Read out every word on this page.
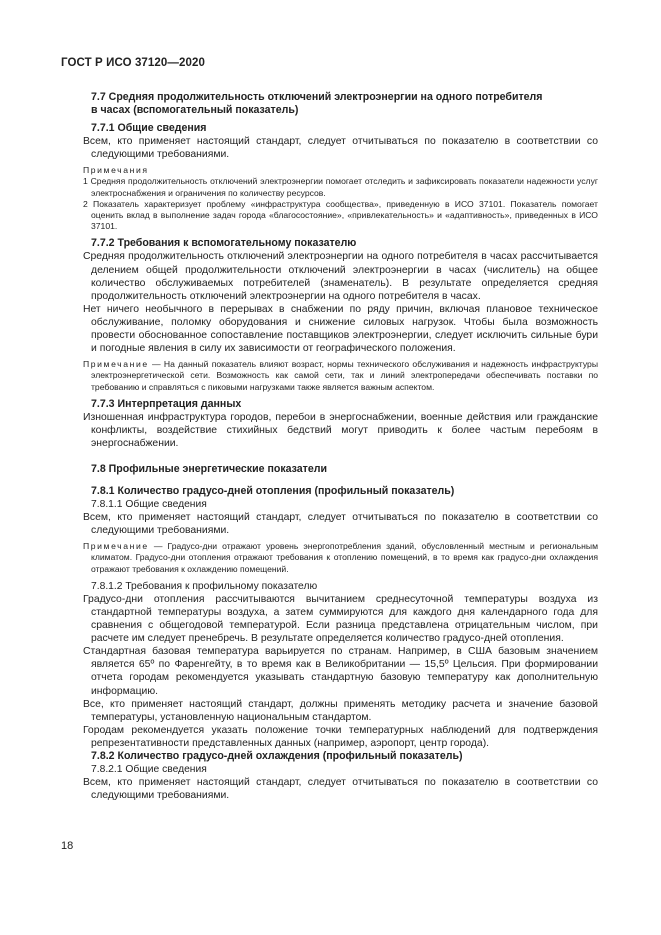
ГОСТ Р ИСО 37120—2020

7.7 Средняя продолжительность отключений электроэнергии на одного потребителя

в часах (вспомогательный показатель)

7.7.1 Общие сведения

Всем, кто применяет настоящий стандарт, следует отчитываться по показателю в соответствии со следующими требованиями.

Примечания

1 Средняя продолжительность отключений электроэнергии помогает отследить и зафиксировать показатели надежности услуг электроснабжения и ограничения по количеству ресурсов.

2 Показатель характеризует проблему «инфраструктура сообщества», приведенную в ИСО 37101. Показатель помогает оценить вклад в выполнение задач города «благосостояние», «привлекательность» и «адаптивность», приведенных в ИСО 37101.

7.7.2 Требования к вспомогательному показателю

Средняя продолжительность отключений электроэнергии на одного потребителя в часах рассчитывается делением общей продолжительности отключений электроэнергии в часах (числитель) на общее количество обслуживаемых потребителей (знаменатель). В результате определяется средняя продолжительность отключений электроэнергии на одного потребителя в часах.

Нет ничего необычного в перерывах в снабжении по ряду причин, включая плановое техническое обслуживание, поломку оборудования и снижение силовых нагрузок. Чтобы была возможность провести обоснованное сопоставление поставщиков электроэнергии, следует исключить сильные бури и погодные явления в силу их зависимости от географического положения.

Примечание — На данный показатель влияют возраст, нормы технического обслуживания и надежность инфраструктуры электроэнергетической сети. Возможность как самой сети, так и линий электропередачи обеспечивать поставки по требованию и справляться с пиковыми нагрузками также является важным аспектом.

7.7.3 Интерпретация данных

Изношенная инфраструктура городов, перебои в энергоснабжении, военные действия или гражданские конфликты, воздействие стихийных бедствий могут приводить к более частым перебоям в энергоснабжении.

7.8 Профильные энергетические показатели

7.8.1 Количество градусо-дней отопления (профильный показатель)

7.8.1.1 Общие сведения

Всем, кто применяет настоящий стандарт, следует отчитываться по показателю в соответствии со следующими требованиями.

Примечание — Градусо-дни отражают уровень энергопотребления зданий, обусловленный местным и региональным климатом. Градусо-дни отопления отражают требования к отоплению помещений, в то время как градусо-дни охлаждения отражают требования к охлаждению помещений.

7.8.1.2 Требования к профильному показателю

Градусо-дни отопления рассчитываются вычитанием среднесуточной температуры воздуха из стандартной температуры воздуха, а затем суммируются для каждого дня календарного года для сравнения с общегодовой температурой. Если разница представлена отрицательным числом, при расчете им следует пренебречь. В результате определяется количество градусо-дней отопления.

Стандартная базовая температура варьируется по странам. Например, в США базовым значением является 65º по Фаренгейту, в то время как в Великобритании — 15,5º Цельсия. При формировании отчета городам рекомендуется указывать стандартную базовую температуру как дополнительную информацию.

Все, кто применяет настоящий стандарт, должны применять методику расчета и значение базовой температуры, установленную национальным стандартом.

Городам рекомендуется указать положение точки температурных наблюдений для подтверждения репрезентативности представленных данных (например, аэропорт, центр города).

7.8.2 Количество градусо-дней охлаждения (профильный показатель)

7.8.2.1 Общие сведения

Всем, кто применяет настоящий стандарт, следует отчитываться по показателю в соответствии со следующими требованиями.

18
